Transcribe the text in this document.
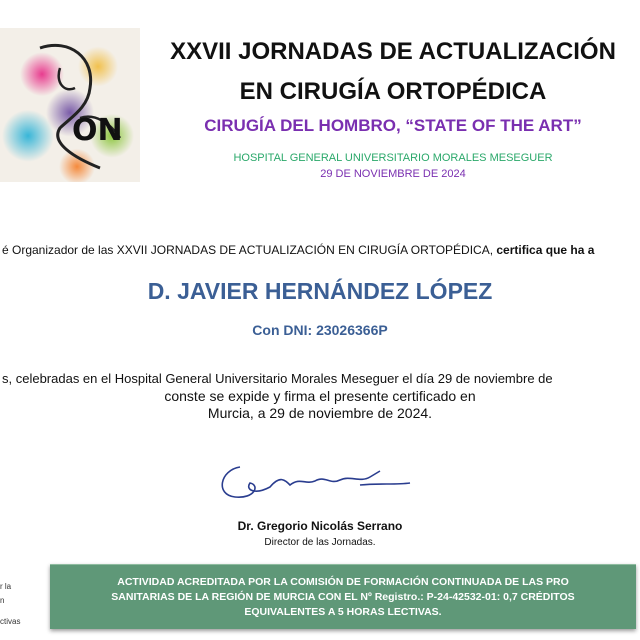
ON
XXVII JORNADAS DE ACTUALIZACIÓN
EN CIRUGÍA ORTOPÉDICA
CIRUGÍA DEL HOMBRO, “STATE OF THE ART”
HOSPITAL GENERAL UNIVERSITARIO MORALES MESEGUER
29 DE NOVIEMBRE DE 2024
é Organizador de las XXVII JORNADAS DE ACTUALIZACIÓN EN CIRUGÍA ORTOPÉDICA, certifica que ha a
D. JAVIER HERNÁNDEZ LÓPEZ
Con DNI: 23026366P
s, celebradas en el Hospital General Universitario Morales Meseguer el día 29 de noviembre de
conste se expide y firma el presente certificado en
Murcia, a 29 de noviembre de 2024.
Dr. Gregorio Nicolás Serrano
Director de las Jornadas.
r la
n
ctivas
ACTIVIDAD ACREDITADA POR LA COMISIÓN DE FORMACIÓN CONTINUADA DE LAS PRO
SANITARIAS DE LA REGIÓN DE MURCIA CON EL Nº Registro.: P-24-42532-01: 0,7 CRÉDITOS
EQUIVALENTES A 5 HORAS LECTIVAS.
